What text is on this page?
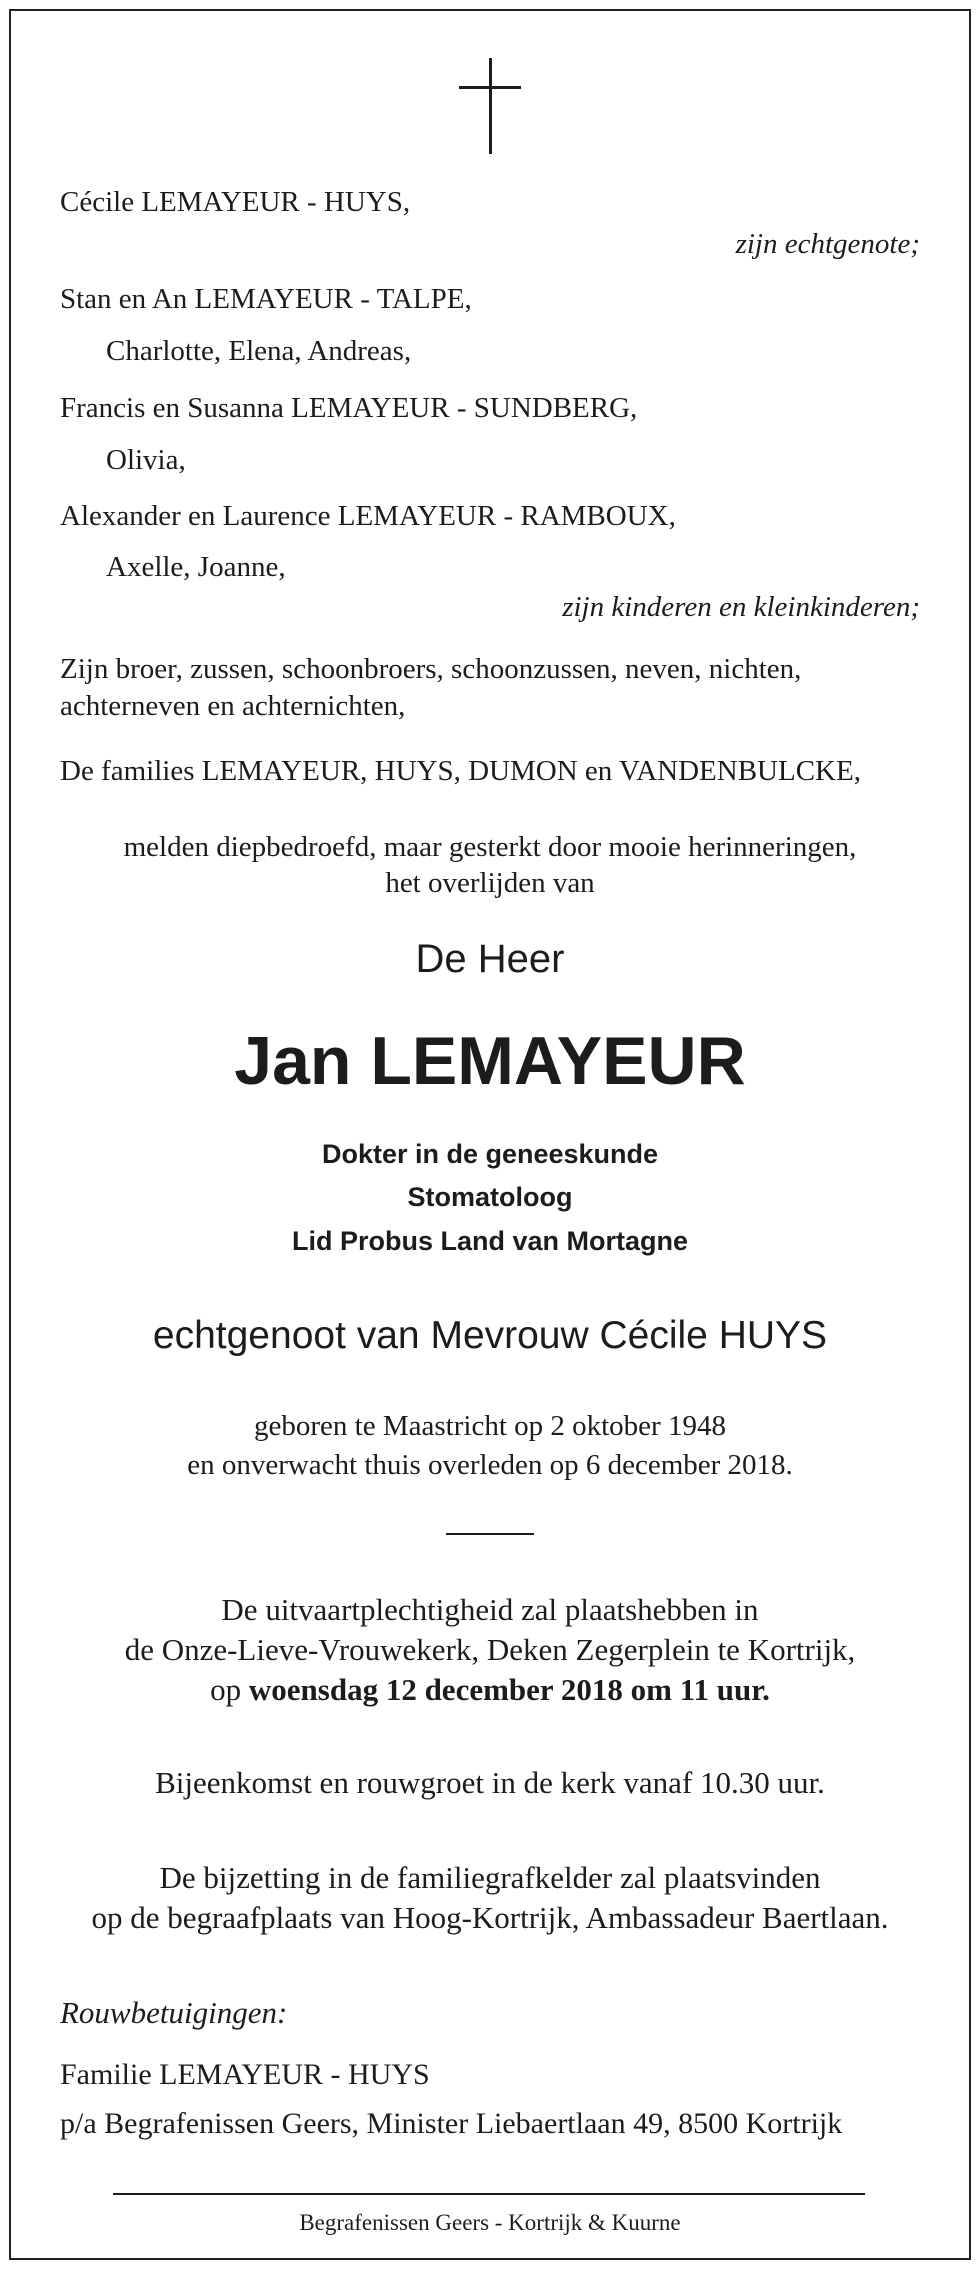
Cécile LEMAYEUR - HUYS,
zijn echtgenote;
Stan en An LEMAYEUR - TALPE,
Charlotte, Elena, Andreas,
Francis en Susanna LEMAYEUR - SUNDBERG,
Olivia,
Alexander en Laurence LEMAYEUR - RAMBOUX,
Axelle, Joanne,
zijn kinderen en kleinkinderen;
Zijn broer, zussen, schoonbroers, schoonzussen, neven, nichten,
achterneven en achternichten,
De families LEMAYEUR, HUYS, DUMON en VANDENBULCKE,
melden diepbedroefd, maar gesterkt door mooie herinneringen,
het overlijden van
De Heer
Jan LEMAYEUR
Dokter in de geneeskunde
Stomatoloog
Lid Probus Land van Mortagne
echtgenoot van Mevrouw Cécile HUYS
geboren te Maastricht op 2 oktober 1948
en onverwacht thuis overleden op 6 december 2018.
De uitvaartplechtigheid zal plaatshebben in
de Onze-Lieve-Vrouwekerk, Deken Zegerplein te Kortrijk,
op woensdag 12 december 2018 om 11 uur.
Bijeenkomst en rouwgroet in de kerk vanaf 10.30 uur.
De bijzetting in de familiegrafkelder zal plaatsvinden
op de begraafplaats van Hoog-Kortrijk, Ambassadeur Baertlaan.
Rouwbetuigingen:
Familie LEMAYEUR - HUYS
p/a Begrafenissen Geers, Minister Liebaertlaan 49, 8500 Kortrijk
Begrafenissen Geers - Kortrijk & Kuurne
